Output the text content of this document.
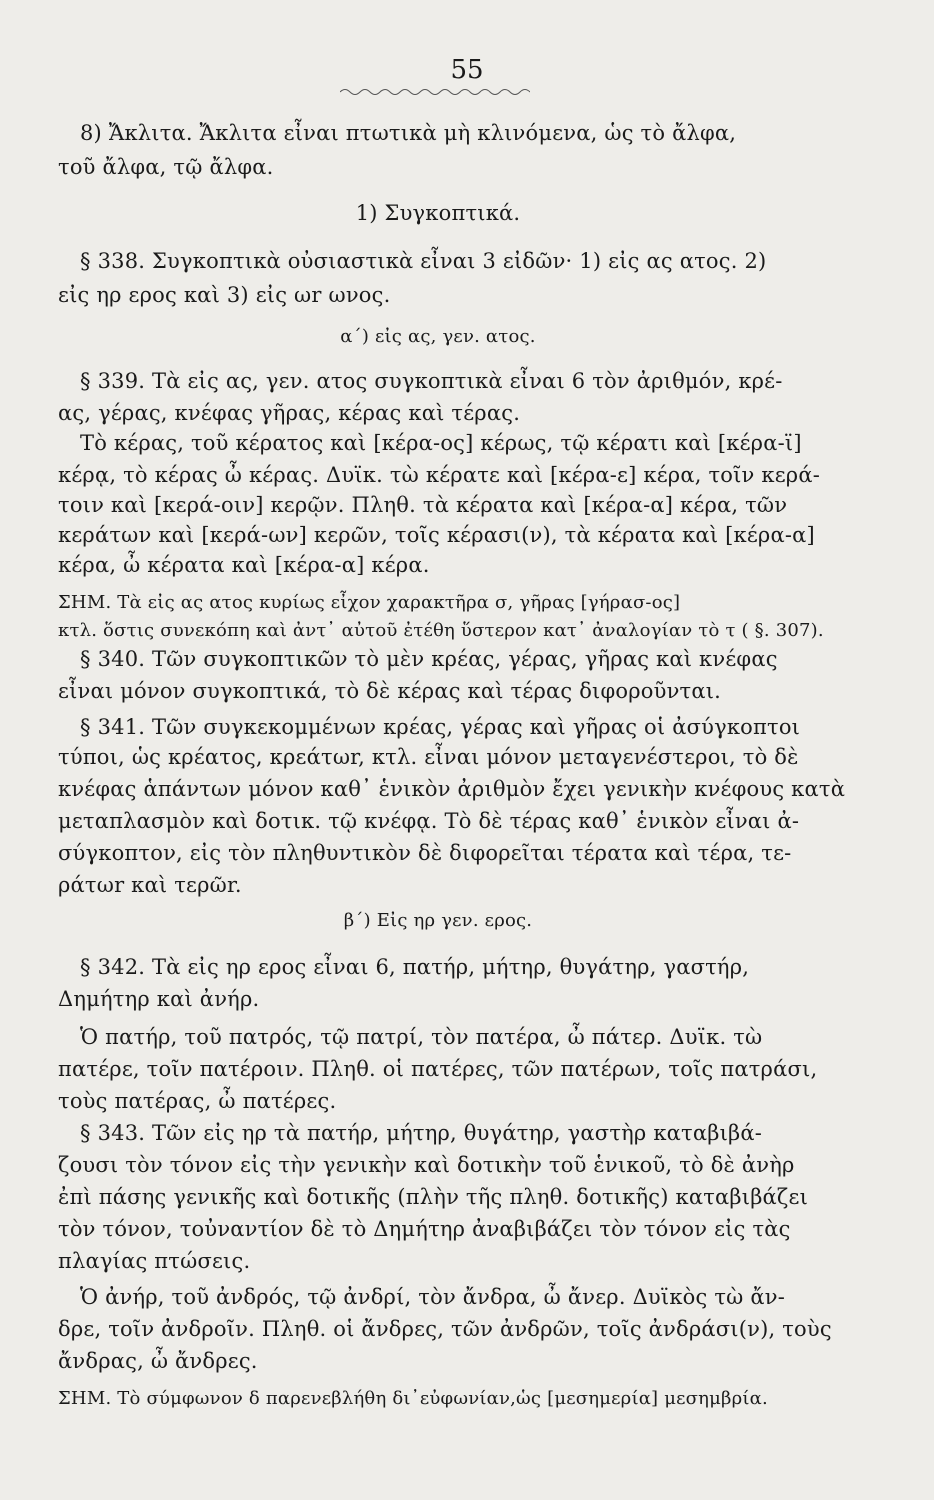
55
8) Ἄκλιτα. Ἄκλιτα εἶναι πτωτικὰ μὴ κλινόμενα, ὡς τὸ ἄλφα,
τοῦ ἄλφα, τῷ ἄλφα.
1) Συγκοπτικά.
§ 338. Συγκοπτικὰ οὐσιαστικὰ εἶναι 3 εἰδῶν· 1) εἰς ας ατος. 2)
εἰς ηρ ερος καὶ 3) εἰς ωr ωνος.
α΄) εἰς ας, γεν. ατος.
§ 339. Τὰ εἰς ας, γεν. ατος συγκοπτικὰ εἶναι 6 τὸν ἀριθμόν, κρέ-
ας, γέρας, κνέφας γῆρας, κέρας καὶ τέρας.
Τὸ κέρας, τοῦ κέρατος καὶ [κέρα-ος] κέρως, τῷ κέρατι καὶ [κέρα-ϊ]
κέρᾳ, τὸ κέρας ὦ κέρας. Δυϊκ. τὼ κέρατε καὶ [κέρα-ε] κέρα, τοῖν κερά-
τοιν καὶ [κερά-οιν] κερῷν. Πληθ. τὰ κέρατα καὶ [κέρα-α] κέρα, τῶν
κεράτων καὶ [κερά-ων] κερῶν, τοῖς κέρασι(ν), τὰ κέρατα καὶ [κέρα-α]
κέρα, ὦ κέρατα καὶ [κέρα-α] κέρα.
ΣΗΜ. Τὰ εἰς ας ατος κυρίως εἶχον χαρακτῆρα σ, γῆρας [γήρασ-ος]
κτλ. ὅστις συνεκόπη καὶ ἀντ᾽ αὐτοῦ ἐτέθη ὕστερον κατ᾽ ἀναλογίαν τὸ τ ( §. 307).
§ 340. Τῶν συγκοπτικῶν τὸ μὲν κρέας, γέρας, γῆρας καὶ κνέφας
εἶναι μόνον συγκοπτικά, τὸ δὲ κέρας καὶ τέρας διφοροῦνται.
§ 341. Τῶν συγκεκομμένων κρέας, γέρας καὶ γῆρας οἱ ἀσύγκοπτοι
τύποι, ὡς κρέατος, κρεάτωr, κτλ. εἶναι μόνον μεταγενέστεροι, τὸ δὲ
κνέφας ἁπάντων μόνον καθ᾽ ἑνικὸν ἀριθμὸν ἔχει γενικὴν κνέφους κατὰ
μεταπλασμὸν καὶ δοτικ. τῷ κνέφᾳ. Τὸ δὲ τέρας καθ᾽ ἑνικὸν εἶναι ἀ-
σύγκοπτον, εἰς τὸν πληθυντικὸν δὲ διφορεῖται τέρατα καὶ τέρα, τε-
ράτωr καὶ τερῶr.
β΄) Εἰς ηρ γεν. ερος.
§ 342. Τὰ εἰς ηρ ερος εἶναι 6, πατήρ, μήτηρ, θυγάτηρ, γαστήρ,
Δημήτηρ καὶ ἀνήρ.
Ὁ πατήρ, τοῦ πατρός, τῷ πατρί, τὸν πατέρα, ὦ πάτερ. Δυϊκ. τὼ
πατέρε, τοῖν πατέροιν. Πληθ. οἱ πατέρες, τῶν πατέρων, τοῖς πατράσι,
τοὺς πατέρας, ὦ πατέρες.
§ 343. Τῶν εἰς ηρ τὰ πατήρ, μήτηρ, θυγάτηρ, γαστὴρ καταβιβά-
ζουσι τὸν τόνον εἰς τὴν γενικὴν καὶ δοτικὴν τοῦ ἑνικοῦ, τὸ δὲ ἀνὴρ
ἐπὶ πάσης γενικῆς καὶ δοτικῆς (πλὴν τῆς πληθ. δοτικῆς) καταβιβάζει
τὸν τόνον, τοὐναντίον δὲ τὸ Δημήτηρ ἀναβιβάζει τὸν τόνον εἰς τὰς
πλαγίας πτώσεις.
Ὁ ἀνήρ, τοῦ ἀνδρός, τῷ ἀνδρί, τὸν ἄνδρα, ὦ ἄνερ. Δυϊκὸς τὼ ἄν-
δρε, τοῖν ἀνδροῖν. Πληθ. οἱ ἄνδρες, τῶν ἀνδρῶν, τοῖς ἀνδράσι(ν), τοὺς
ἄνδρας, ὦ ἄνδρες.
ΣΗΜ. Τὸ σύμφωνον δ παρενεβλήθη δι᾽εὐφωνίαν,ὡς [μεσημερία] μεσημβρία.
